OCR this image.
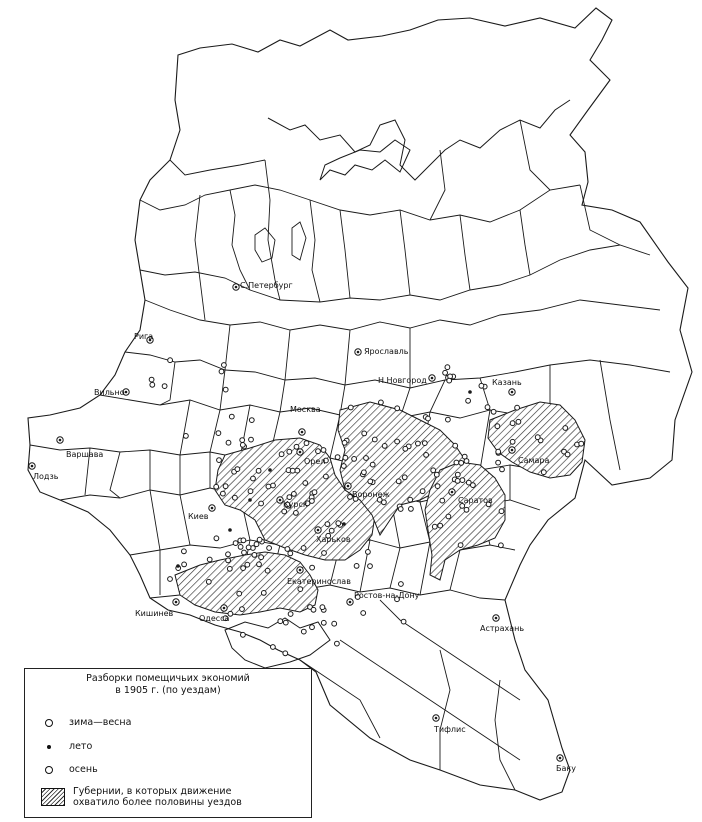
С.Петербург
Рига
Вильно
Ярославль
Москва
Н.Новгород	Казань
Варшава
Лодзь
Орел	Самара
Воронеж
Саратов
Киев
Курск
Харьков
Екатеринослав
Кишинев
Одесса
Ростов-на-Дону
Астрахань
Тифлис
Баку
Разборки помещичьих экономий
в 1905 г. (по уездам)
зима—весна
лето
осень
Губернии, в которых движение
охватило более половины уездов
